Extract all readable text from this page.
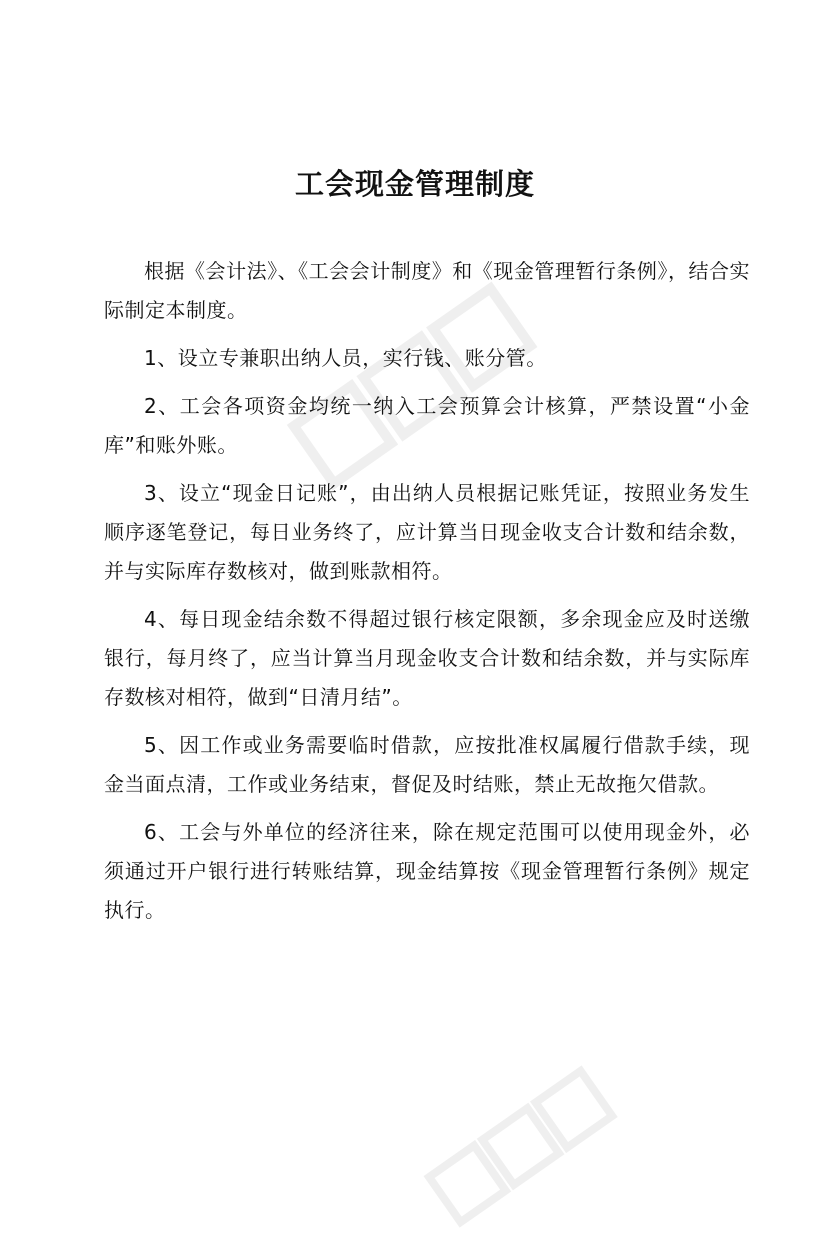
工会现金管理制度

根据《会计法》、《工会会计制度》和《现金管理暂行条例》，结合实际制定本制度。

1、设立专兼职出纳人员，实行钱、账分管。

2、工会各项资金均统一纳入工会预算会计核算，严禁设置“小金库”和账外账。

3、设立“现金日记账”，由出纳人员根据记账凭证，按照业务发生顺序逐笔登记，每日业务终了，应计算当日现金收支合计数和结余数，并与实际库存数核对，做到账款相符。

4、每日现金结余数不得超过银行核定限额，多余现金应及时送缴银行，每月终了，应当计算当月现金收支合计数和结余数，并与实际库存数核对相符，做到“日清月结”。

5、因工作或业务需要临时借款，应按批准权属履行借款手续，现金当面点清，工作或业务结束，督促及时结账，禁止无故拖欠借款。

6、工会与外单位的经济往来，除在规定范围可以使用现金外，必须通过开户银行进行转账结算，现金结算按《现金管理暂行条例》规定执行。
